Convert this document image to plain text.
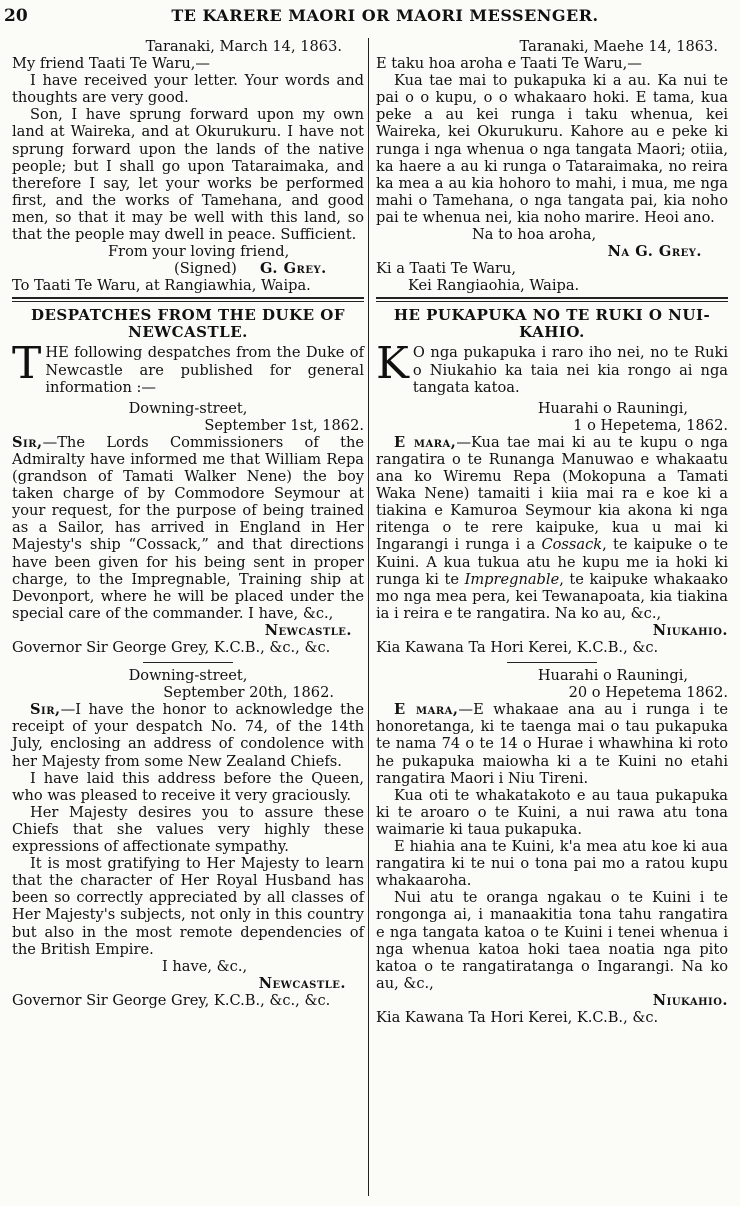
20	TE KARERE MAORI OR MAORI MESSENGER.

Taranaki, March 14, 1863.

My friend Taati Te Waru,—

I have received your letter. Your words and thoughts are very good.

Son, I have sprung forward upon my own land at Waireka, and at Okurukuru. I have not sprung forward upon the lands of the native people; but I shall go upon Tataraimaka, and therefore I say, let your works be performed first, and the works of Tamehana, and good men, so that it may be well with this land, so that the people may dwell in peace. Sufficient.

From your loving friend,

(Signed) G. Grey.

To Taati Te Waru, at Rangiawhia, Waipa.

DESPATCHES FROM THE DUKE OF

NEWCASTLE.

THE following despatches from the Duke of Newcastle are published for general information :—

Downing-street,

September 1st, 1862.

Sir,—The Lords Commissioners of the Admiralty have informed me that William Repa (grandson of Tamati Walker Nene) the boy taken charge of by Commodore Seymour at your request, for the purpose of being trained as a Sailor, has arrived in England in Her Majesty's ship “Cossack,” and that directions have been given for his being sent in proper charge, to the Impregnable, Training ship at Devonport, where he will be placed under the special care of the commander. I have, &c.,

Newcastle.

Governor Sir George Grey, K.C.B., &c., &c.

Downing-street,

September 20th, 1862.

Sir,—I have the honor to acknowledge the receipt of your despatch No. 74, of the 14th July, enclosing an address of condolence with her Majesty from some New Zealand Chiefs.

I have laid this address before the Queen, who was pleased to receive it very graciously.

Her Majesty desires you to assure these Chiefs that she values very highly these expressions of affectionate sympathy.

It is most gratifying to Her Majesty to learn that the character of Her Royal Husband has been so correctly appreciated by all classes of Her Majesty's subjects, not only in this country but also in the most remote dependencies of the British Empire.

I have, &c.,

Newcastle.

Governor Sir George Grey, K.C.B., &c., &c.

Taranaki, Maehe 14, 1863.

E taku hoa aroha e Taati Te Waru,—

Kua tae mai to pukapuka ki a au. Ka nui te pai o o kupu, o o whakaaro hoki. E tama, kua peke a au kei runga i taku whenua, kei Waireka, kei Okurukuru. Kahore au e peke ki runga i nga whenua o nga tangata Maori; otiia, ka haere a au ki runga o Tataraimaka, no reira ka mea a au kia hohoro to mahi, i mua, me nga mahi o Tamehana, o nga tangata pai, kia noho pai te whenua nei, kia noho marire. Heoi ano.

Na to hoa aroha,

Na G. Grey.

Ki a Taati Te Waru,

Kei Rangiaohia, Waipa.

HE PUKAPUKA NO TE RUKI O NUI-

KAHIO.

K O nga pukapuka i raro iho nei, no te Ruki o Niukahio ka taia nei kia rongo ai nga tangata katoa.

Huarahi o Rauningi,

1 o Hepetema, 1862.

E mara,—Kua tae mai ki au te kupu o nga rangatira o te Runanga Manuwao e whakaatu ana ko Wiremu Repa (Mokopuna a Tamati Waka Nene) tamaiti i kiia mai ra e koe ki a tiakina e Kamuroa Seymour kia akona ki nga ritenga o te rere kaipuke, kua u mai ki Ingarangi i runga i a Cossack, te kaipuke o te Kuini. A kua tukua atu he kupu me ia hoki ki runga ki te Impregnable, te kaipuke whakaako mo nga mea pera, kei Tewanapoata, kia tiakina ia i reira e te rangatira. Na ko au, &c.,

Niukahio.

Kia Kawana Ta Hori Kerei, K.C.B., &c.

Huarahi o Rauningi,

20 o Hepetema 1862.

E mara,—E whakaae ana au i runga i te honoretanga, ki te taenga mai o tau pukapuka te nama 74 o te 14 o Hurae i whawhina ki roto he pukapuka maiowha ki a te Kuini no etahi rangatira Maori i Niu Tireni.

Kua oti te whakatakoto e au taua pukapuka ki te aroaro o te Kuini, a nui rawa atu tona waimarie ki taua pukapuka.

E hiahia ana te Kuini, k'a mea atu koe ki aua rangatira ki te nui o tona pai mo a ratou kupu whakaaroha.

Nui atu te oranga ngakau o te Kuini i te rongonga ai, i manaakitia tona tahu rangatira e nga tangata katoa o te Kuini i tenei whenua i nga whenua katoa hoki taea noatia nga pito katoa o te rangatiratanga o Ingarangi. Na ko au, &c.,

Niukahio.

Kia Kawana Ta Hori Kerei, K.C.B., &c.
